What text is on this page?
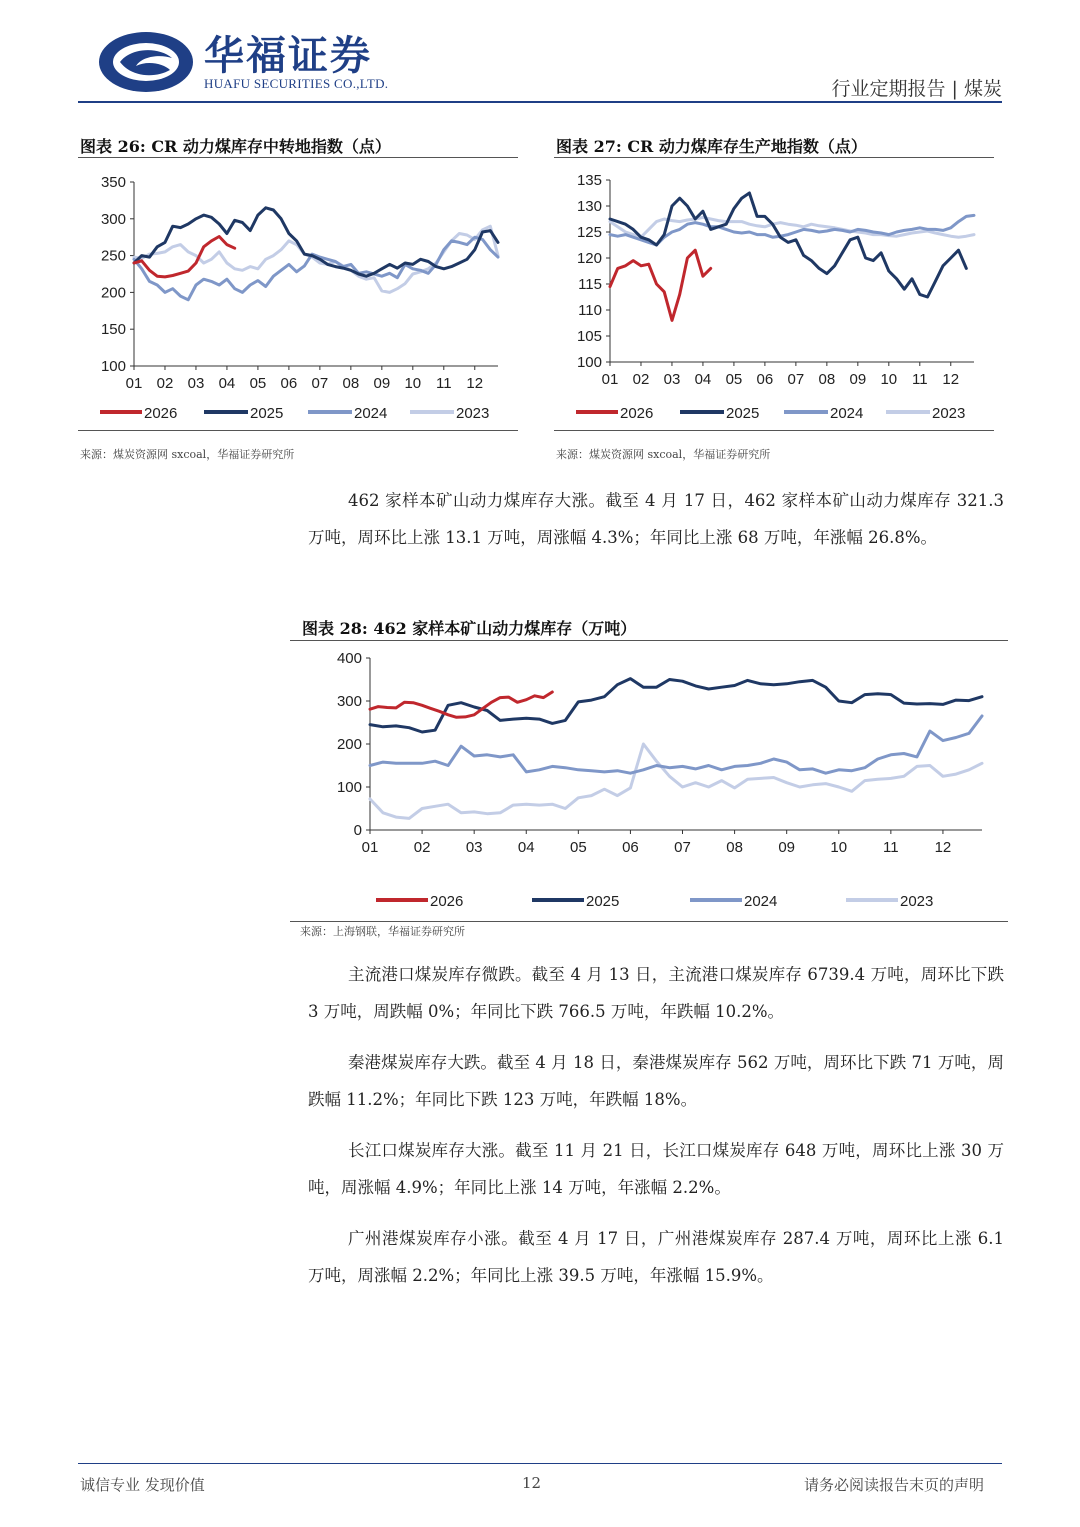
华福证券
HUAFU SECURITIES CO.,LTD.	行业定期报告 | 煤炭
图表 26: CR 动力煤库存中转地指数（点）
100
150
200
250
300
350
01 02 03 04 05 06 07 08 09 10 11 12
2026	2025	2024	2023
来源：煤炭资源网 sxcoal，华福证券研究所
图表 27: CR 动力煤库存生产地指数（点）
100
105
110
115
120
125
130
135
01 02 03 04 05 06 07 08 09 10 11 12
2026	2025	2024	2023
来源：煤炭资源网 sxcoal，华福证券研究所
462 家样本矿山动力煤库存大涨。截至 4 月 17 日，462 家样本矿山动力煤库存 321.3 万吨，周环比上涨 13.1 万吨，周涨幅 4.3%；年同比上涨 68 万吨，年涨幅 26.8%。
图表 28: 462 家样本矿山动力煤库存（万吨）
0
100
200
300
400
01 02 03 04 05 06 07 08 09 10 11 12
2026	2025	2024	2023
来源：上海钢联，华福证券研究所
主流港口煤炭库存微跌。截至 4 月 13 日，主流港口煤炭库存 6739.4 万吨，周环比下跌 3 万吨，周跌幅 0%；年同比下跌 766.5 万吨，年跌幅 10.2%。
秦港煤炭库存大跌。截至 4 月 18 日，秦港煤炭库存 562 万吨，周环比下跌 71 万吨，周跌幅 11.2%；年同比下跌 123 万吨，年跌幅 18%。
长江口煤炭库存大涨。截至 11 月 21 日，长江口煤炭库存 648 万吨，周环比上涨 30 万吨，周涨幅 4.9%；年同比上涨 14 万吨，年涨幅 2.2%。
广州港煤炭库存小涨。截至 4 月 17 日，广州港煤炭库存 287.4 万吨，周环比上涨 6.1 万吨，周涨幅 2.2%；年同比上涨 39.5 万吨，年涨幅 15.9%。
诚信专业 发现价值	12	请务必阅读报告末页的声明
